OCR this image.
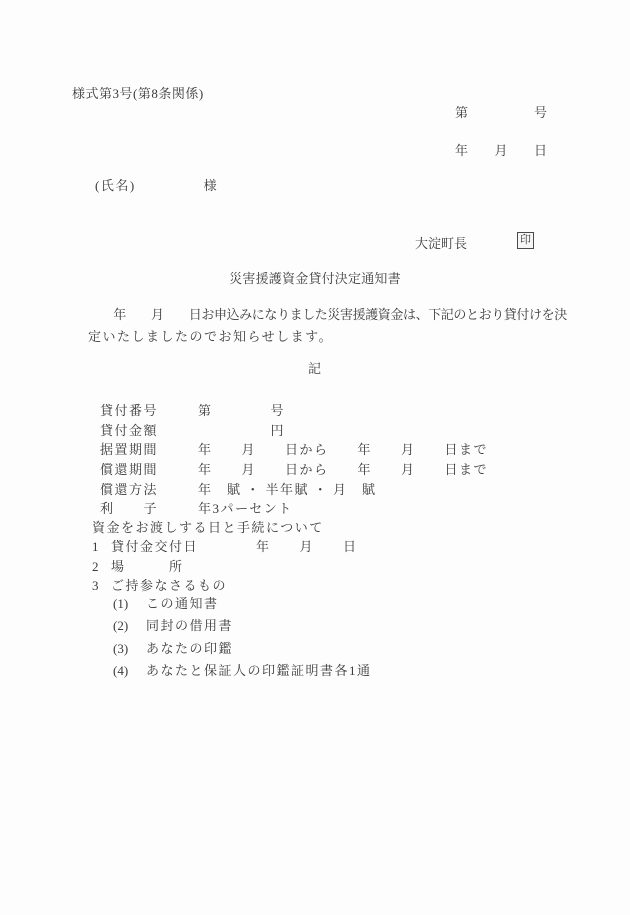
様式第3号(第8条関係)
第	号
年 月 日
(氏名)	様
大淀町長	印
災害援護資金貸付決定通知書
　　年　　月　　日お申込みになりました災害援護資金は、下記のとおり貸付けを決
定いたしましたのでお知らせします。
記
貸付番号	第　　　　号
貸付金額	　　　　　円
据置期間	年　　月　　日から　　年　　月　　日まで
償還期間	年　　月　　日から　　年　　月　　日まで
償還方法	年　賦 ・ 半年賦 ・ 月　賦
利　　子	年3パーセント
資金をお渡しする日と手続について
1 貸付金交付日	年　　月　　日
2 場　　　所
3 ご持参なさるもの
(1)	この通知書
(2)	同封の借用書
(3)	あなたの印鑑
(4)	あなたと保証人の印鑑証明書各1通
